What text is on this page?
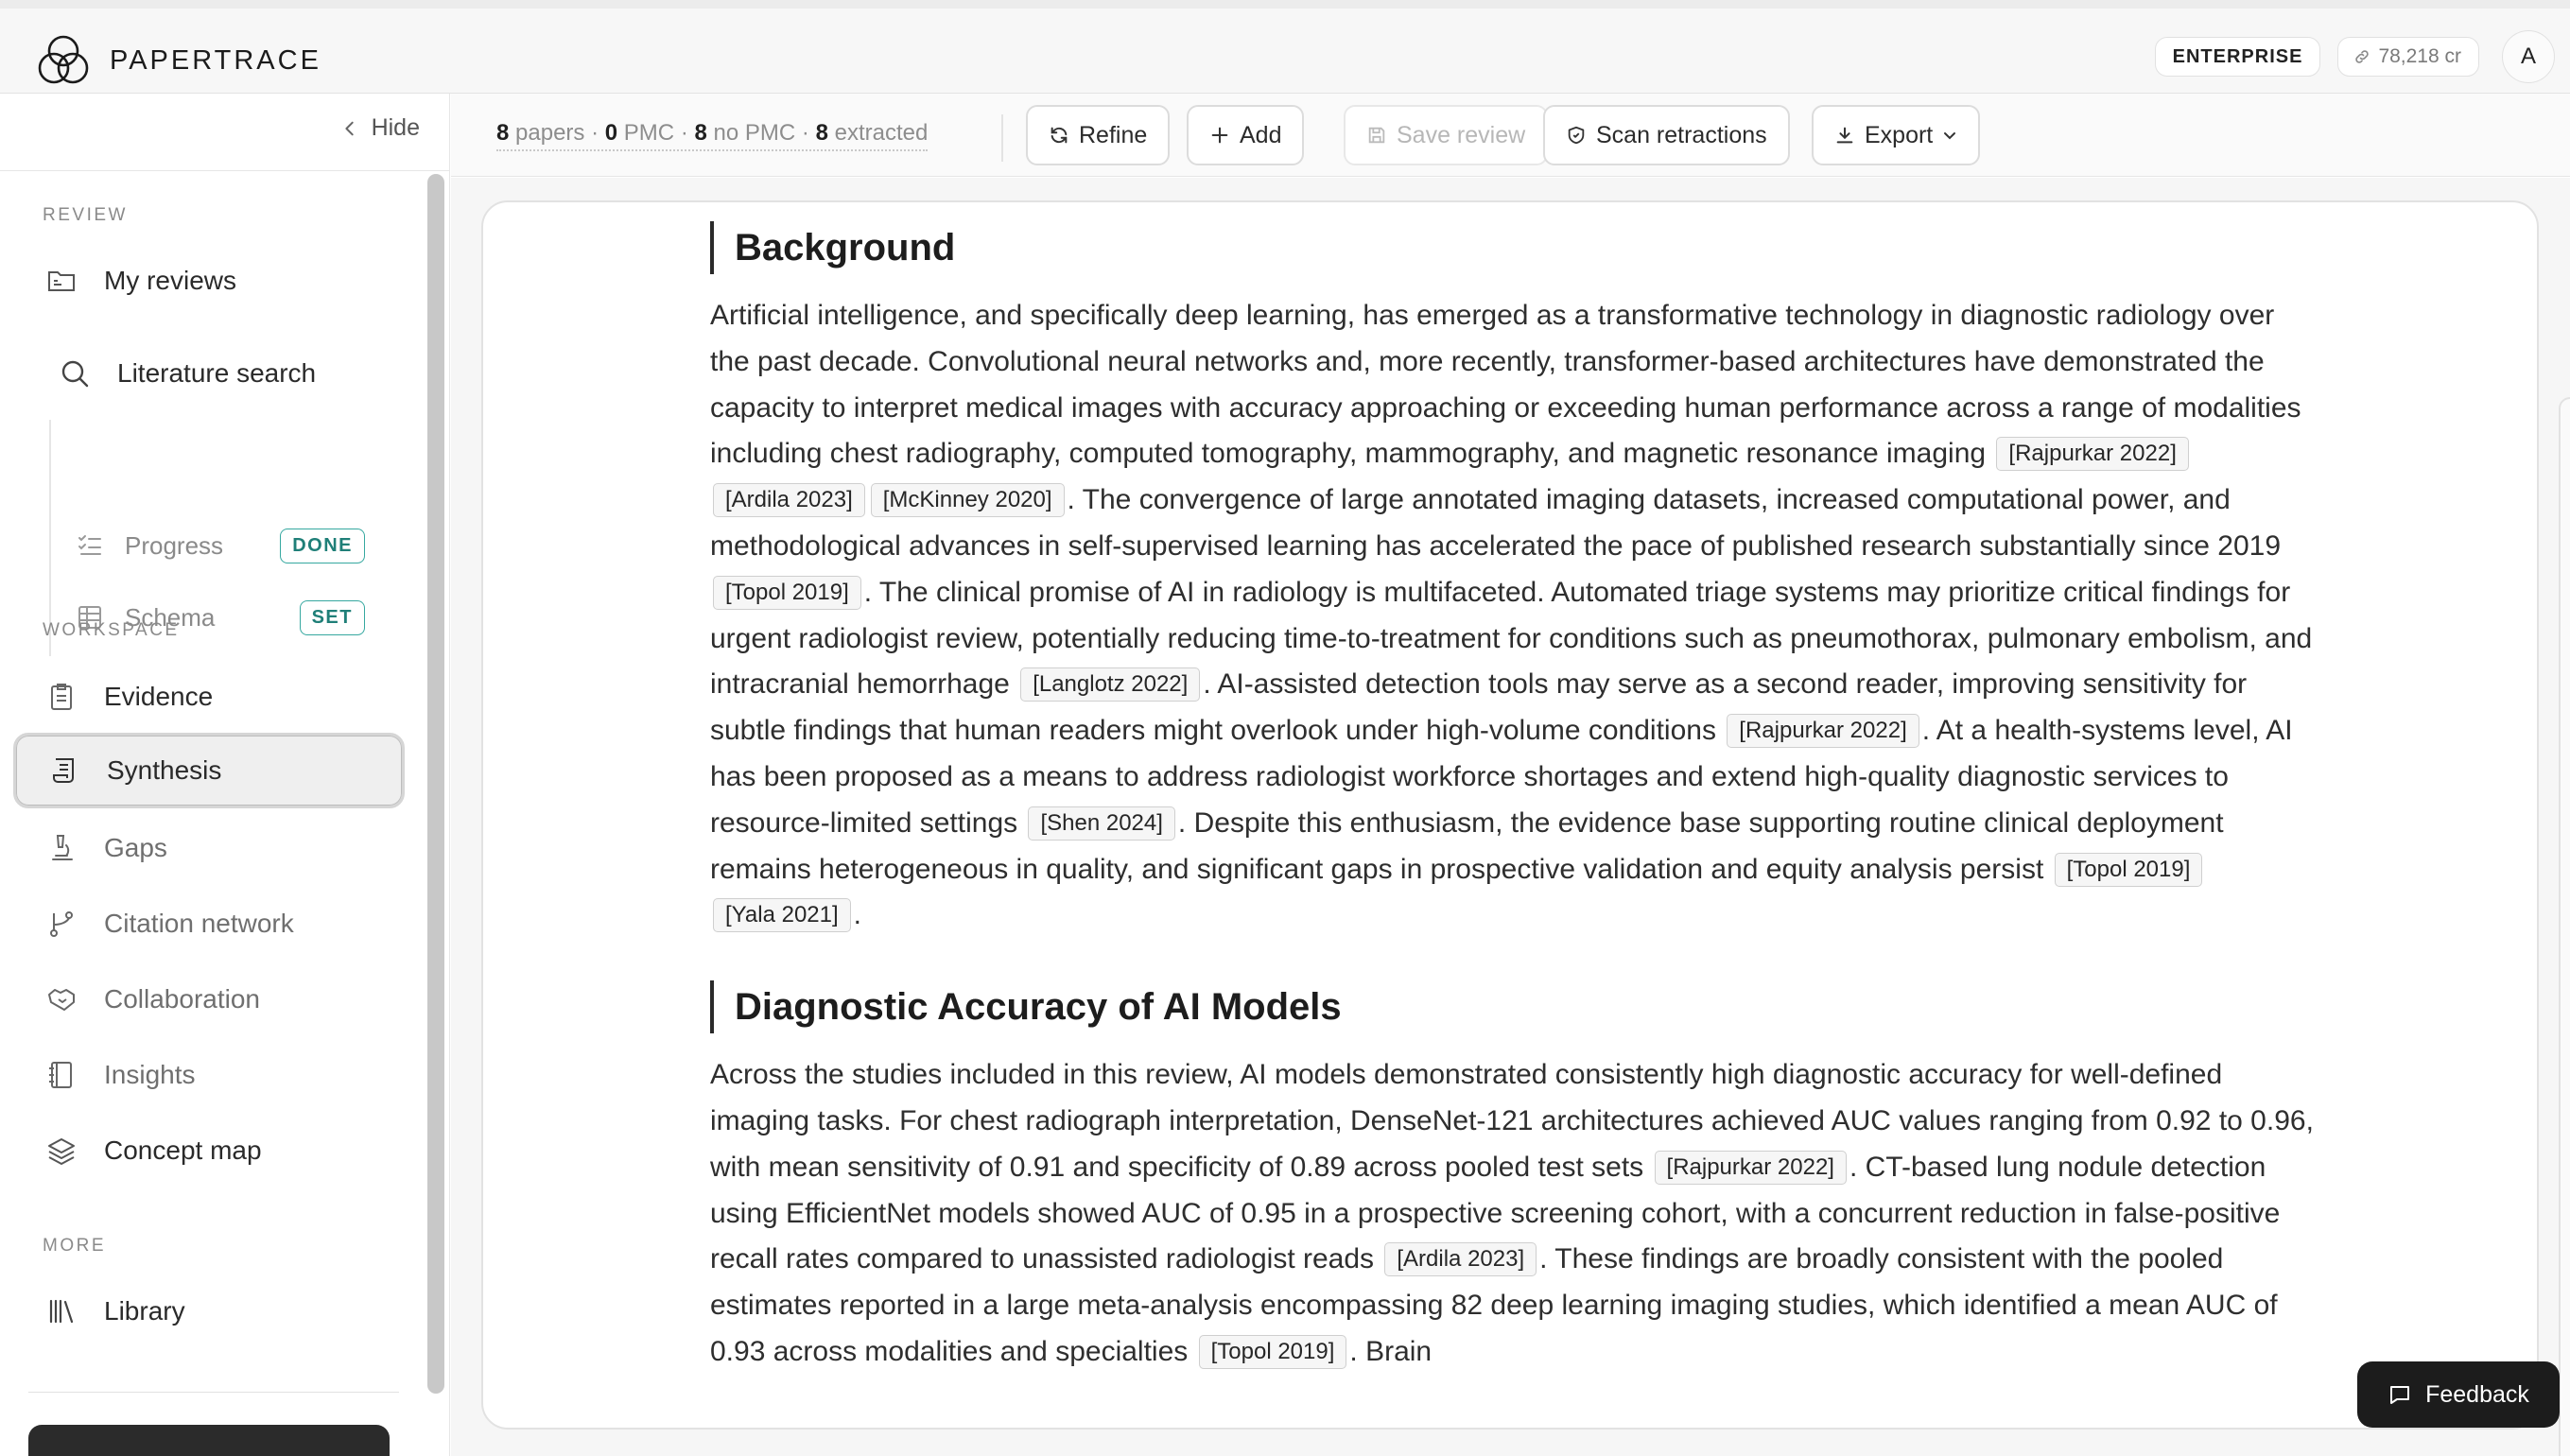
PAPERTRACE	ENTERPRISE	78,218 cr	A
Hide
REVIEW
My reviews
Literature search
Progress	DONE
Schema	SET
WORKSPACE
Evidence
Synthesis
Gaps
Citation network
Collaboration
Insights
Concept map
MORE
Library
8 papers · 0 PMC · 8 no PMC · 8 extracted	Refine	Add	Save review	Scan retractions	Export
Background

Artificial intelligence, and specifically deep learning, has emerged as a transformative technology in diagnostic radiology over the past decade. Convolutional neural networks and, more recently, transformer-based architectures have demonstrated the capacity to interpret medical images with accuracy approaching or exceeding human performance across a range of modalities including chest radiography, computed tomography, mammography, and magnetic resonance imaging [Rajpurkar 2022][Ardila 2023] [McKinney 2020] . The convergence of large annotated imaging datasets, increased computational power, and methodological advances in self-supervised learning has accelerated the pace of published research substantially since 2019 [Topol 2019] . The clinical promise of AI in radiology is multifaceted. Automated triage systems may prioritize critical findings for urgent radiologist review, potentially reducing time-to-treatment for conditions such as pneumothorax, pulmonary embolism, and intracranial hemorrhage [Langlotz 2022] . AI-assisted detection tools may serve as a second reader, improving sensitivity for subtle findings that human readers might overlook under high-volume conditions [Rajpurkar 2022] . At a health-systems level, AI has been proposed as a means to address radiologist workforce shortages and extend high-quality diagnostic services to resource-limited settings [Shen 2024] . Despite this enthusiasm, the evidence base supporting routine clinical deployment remains heterogeneous in quality, and significant gaps in prospective validation and equity analysis persist [Topol 2019][Yala 2021] .

Diagnostic Accuracy of AI Models

Across the studies included in this review, AI models demonstrated consistently high diagnostic accuracy for well-defined imaging tasks. For chest radiograph interpretation, DenseNet-121 architectures achieved AUC values ranging from 0.92 to 0.96, with mean sensitivity of 0.91 and specificity of 0.89 across pooled test sets [Rajpurkar 2022] . CT-based lung nodule detection using EfficientNet models showed AUC of 0.95 in a prospective screening cohort, with a concurrent reduction in false-positive recall rates compared to unassisted radiologist reads [Ardila 2023] . These findings are broadly consistent with the pooled estimates reported in a large meta-analysis encompassing 82 deep learning imaging studies, which identified a mean AUC of 0.93 across modalities and specialties [Topol 2019] . Brain

Feedback
